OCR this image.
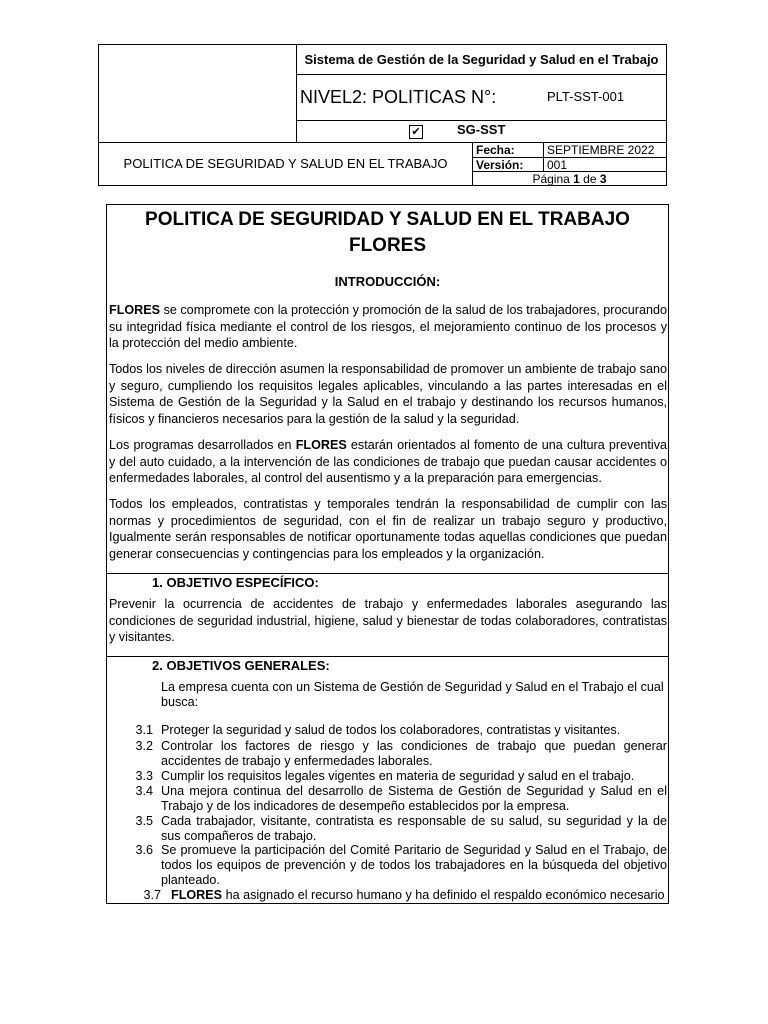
Sistema de Gestión de la Seguridad y Salud en el Trabajo
NIVEL2: POLITICAS N°:	PLT-SST-001
✔	SG-SST
POLITICA DE SEGURIDAD Y SALUD EN EL TRABAJO
Fecha:	SEPTIEMBRE 2022
Versión: 001
Página 1 de 3
POLITICA DE SEGURIDAD Y SALUD EN EL TRABAJO
FLORES
INTRODUCCIÓN:
FLORES se compromete con la protección y promoción de la salud de los trabajadores, procurando su integridad física mediante el control de los riesgos, el mejoramiento continuo de los procesos y la protección del medio ambiente.
Todos los niveles de dirección asumen la responsabilidad de promover un ambiente de trabajo sano y seguro, cumpliendo los requisitos legales aplicables, vinculando a las partes interesadas en el Sistema de Gestión de la Seguridad y la Salud en el trabajo y destinando los recursos humanos, físicos y financieros necesarios para la gestión de la salud y la seguridad.
Los programas desarrollados en FLORES estarán orientados al fomento de una cultura preventiva y del auto cuidado, a la intervención de las condiciones de trabajo que puedan causar accidentes o enfermedades laborales, al control del ausentismo y a la preparación para emergencias.
Todos los empleados, contratistas y temporales tendrán la responsabilidad de cumplir con las normas y procedimientos de seguridad, con el fin de realizar un trabajo seguro y productivo, Igualmente serán responsables de notificar oportunamente todas aquellas condiciones que puedan generar consecuencias y contingencias para los empleados y la organización.
1. OBJETIVO ESPECÍFICO:
Prevenir la ocurrencia de accidentes de trabajo y enfermedades laborales asegurando las condiciones de seguridad industrial, higiene, salud y bienestar de todas colaboradores, contratistas y visitantes.
2. OBJETIVOS GENERALES:
La empresa cuenta con un Sistema de Gestión de Seguridad y Salud en el Trabajo el cual busca:
3.1 Proteger la seguridad y salud de todos los colaboradores, contratistas y visitantes.
3.2 Controlar los factores de riesgo y las condiciones de trabajo que puedan generar accidentes de trabajo y enfermedades laborales.
3.3 Cumplir los requisitos legales vigentes en materia de seguridad y salud en el trabajo.
3.4 Una mejora continua del desarrollo de Sistema de Gestión de Seguridad y Salud en el Trabajo y de los indicadores de desempeño establecidos por la empresa.
3.5 Cada trabajador, visitante, contratista es responsable de su salud, su seguridad y la de sus compañeros de trabajo.
3.6 Se promueve la participación del Comité Paritario de Seguridad y Salud en el Trabajo, de todos los equipos de prevención y de todos los trabajadores en la búsqueda del objetivo planteado.
3.7 FLORES ha asignado el recurso humano y ha definido el respaldo económico necesario
